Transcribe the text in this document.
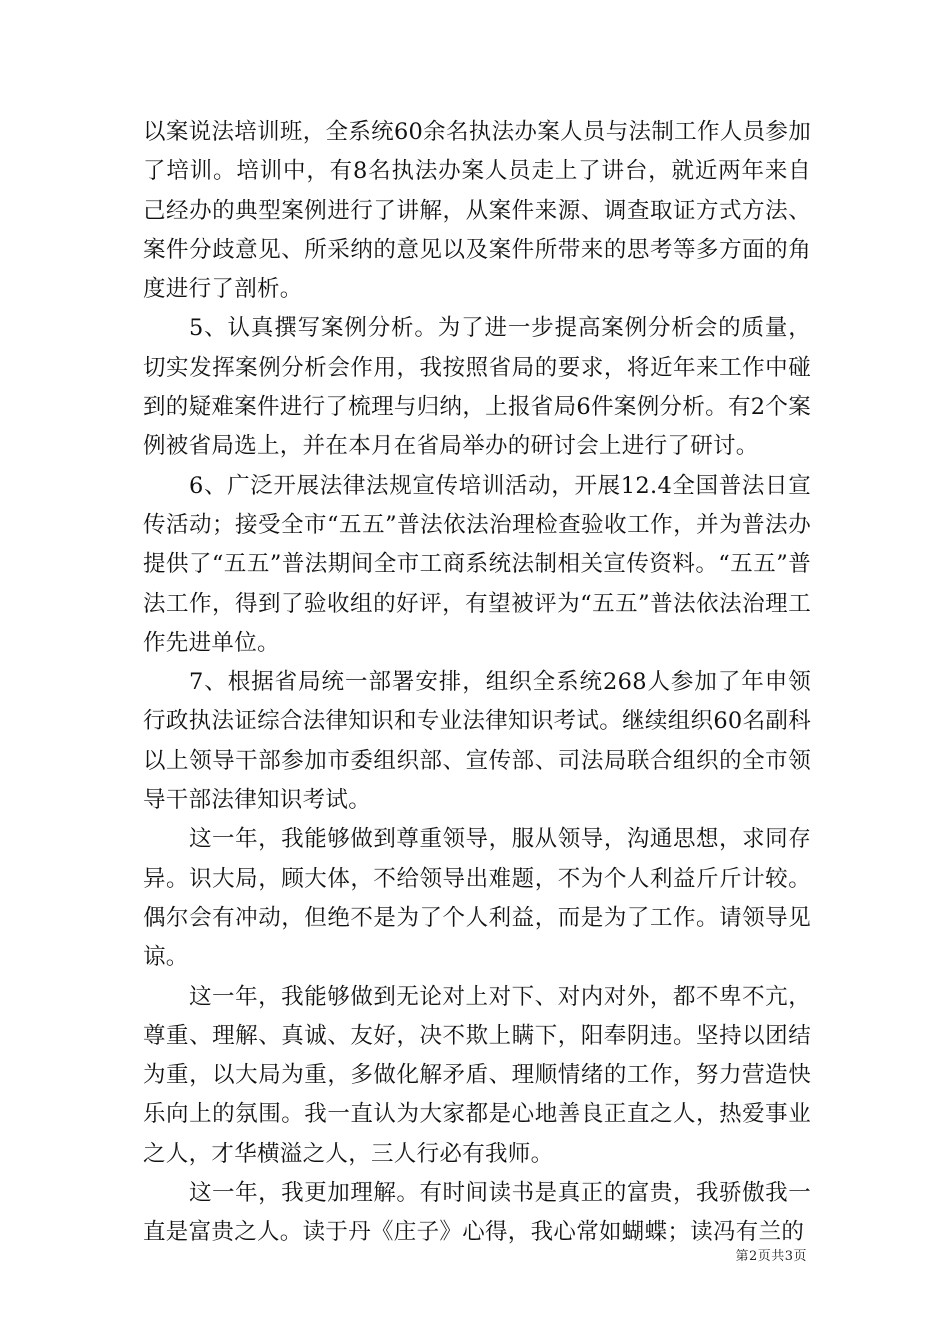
以案说法培训班，全系统60余名执法办案人员与法制工作人员参加了培训。培训中，有8名执法办案人员走上了讲台，就近两年来自己经办的典型案例进行了讲解，从案件来源、调查取证方式方法、案件分歧意见、所采纳的意见以及案件所带来的思考等多方面的角度进行了剖析。

5、认真撰写案例分析。为了进一步提高案例分析会的质量，切实发挥案例分析会作用，我按照省局的要求，将近年来工作中碰到的疑难案件进行了梳理与归纳，上报省局6件案例分析。有2个案例被省局选上，并在本月在省局举办的研讨会上进行了研讨。

6、广泛开展法律法规宣传培训活动，开展12.4全国普法日宣传活动；接受全市“五五”普法依法治理检查验收工作，并为普法办提供了“五五”普法期间全市工商系统法制相关宣传资料。“五五”普法工作，得到了验收组的好评，有望被评为“五五”普法依法治理工作先进单位。

7、根据省局统一部署安排，组织全系统268人参加了年申领行政执法证综合法律知识和专业法律知识考试。继续组织60名副科以上领导干部参加市委组织部、宣传部、司法局联合组织的全市领导干部法律知识考试。

这一年，我能够做到尊重领导，服从领导，沟通思想，求同存异。识大局，顾大体，不给领导出难题，不为个人利益斤斤计较。偶尔会有冲动，但绝不是为了个人利益，而是为了工作。请领导见谅。

这一年，我能够做到无论对上对下、对内对外，都不卑不亢，尊重、理解、真诚、友好，决不欺上瞒下，阳奉阴违。坚持以团结为重，以大局为重，多做化解矛盾、理顺情绪的工作，努力营造快乐向上的氛围。我一直认为大家都是心地善良正直之人，热爱事业之人，才华横溢之人，三人行必有我师。

这一年，我更加理解。有时间读书是真正的富贵，我骄傲我一直是富贵之人。读于丹《庄子》心得，我心常如蝴蝶；读冯有兰的

第2页共3页
